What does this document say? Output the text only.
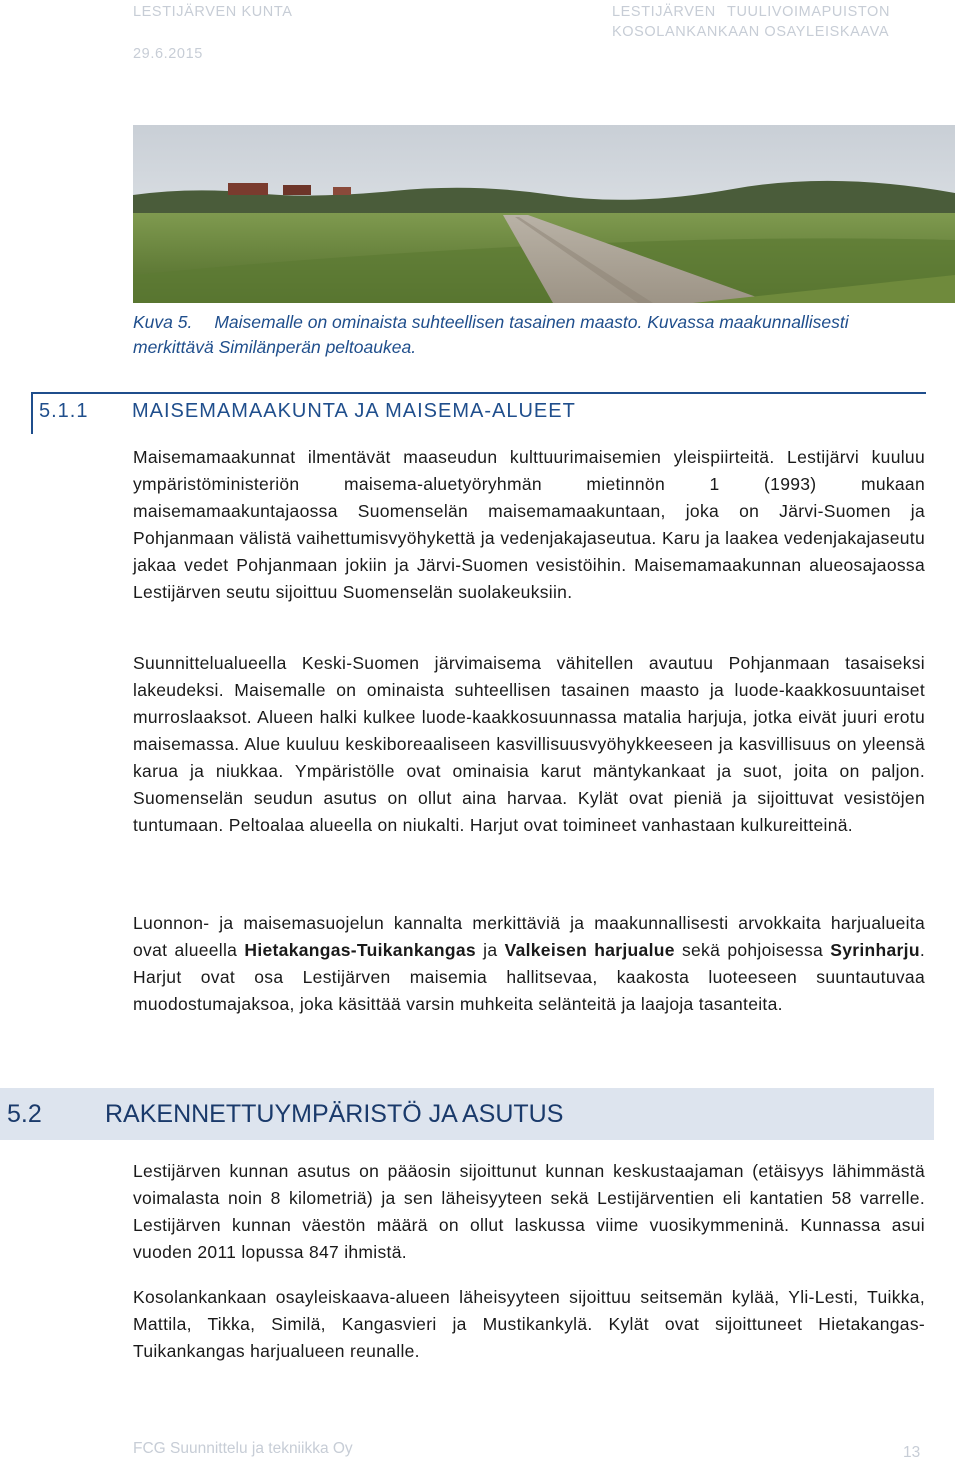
LESTIJÄRVEN KUNTA
29.6.2015
LESTIJÄRVEN TUULIVOIMAPUISTON
KOSOLANKANKAAN OSAYLEISKAAVA
Kuva 5. Maisemalle on ominaista suhteellisen tasainen maasto. Kuvassa maakunnallisesti merkittävä Similänperän peltoaukea.
5.1.1 MAISEMAMAAKUNTA JA MAISEMA-ALUEET

Maisemamaakunnat ilmentävät maaseudun kulttuurimaisemien yleispiirteitä. Lestijärvi kuuluu ympäristöministeriön maisema-aluetyöryhmän mietinnön 1 (1993) mukaan maisemamaakuntajaossa Suomenselän maisemamaakuntaan, joka on Järvi-Suomen ja Pohjanmaan välistä vaihettumisvyöhykettä ja vedenjakajaseutua. Karu ja laakea vedenjakajaseutu jakaa vedet Pohjanmaan jokiin ja Järvi-Suomen vesistöihin. Maisemamaakunnan alueosajaossa Lestijärven seutu sijoittuu Suomenselän suolakeuksiin.

Suunnittelualueella Keski-Suomen järvimaisema vähitellen avautuu Pohjanmaan tasaiseksi lakeudeksi. Maisemalle on ominaista suhteellisen tasainen maasto ja luode-kaakkosuuntaiset murroslaaksot. Alueen halki kulkee luode-kaakkosuunnassa matalia harjuja, jotka eivät juuri erotu maisemassa. Alue kuuluu keskiboreaaliseen kasvillisuusvyöhykkeeseen ja kasvillisuus on yleensä karua ja niukkaa. Ympäristölle ovat ominaisia karut mäntykankaat ja suot, joita on paljon. Suomenselän seudun asutus on ollut aina harvaa. Kylät ovat pieniä ja sijoittuvat vesistöjen tuntumaan. Peltoalaa alueella on niukalti. Harjut ovat toimineet vanhastaan kulkureitteinä.

Luonnon- ja maisemasuojelun kannalta merkittäviä ja maakunnallisesti arvokkaita harjualueita ovat alueella Hietakangas-Tuikankangas ja Valkeisen harjualue sekä pohjoisessa Syrinharju. Harjut ovat osa Lestijärven maisemia hallitsevaa, kaakosta luoteeseen suuntautuvaa muodostumajaksoa, joka käsittää varsin muhkeita selänteitä ja laajoja tasanteita.

5.2	RAKENNETTUYMPÄRISTÖ JA ASUTUS

Lestijärven kunnan asutus on pääosin sijoittunut kunnan keskustaajaman (etäisyys lähimmästä voimalasta noin 8 kilometriä) ja sen läheisyyteen sekä Lestijärventien eli kantatien 58 varrelle. Lestijärven kunnan väestön määrä on ollut laskussa viime vuosikymmeninä. Kunnassa asui vuoden 2011 lopussa 847 ihmistä.

Kosolankankaan osayleiskaava-alueen läheisyyteen sijoittuu seitsemän kylää, Yli-Lesti, Tuikka, Mattila, Tikka, Similä, Kangasvieri ja Mustikankylä. Kylät ovat sijoittuneet Hietakangas-Tuikankangas harjualueen reunalle.

FCG Suunnittelu ja tekniikka Oy	13
